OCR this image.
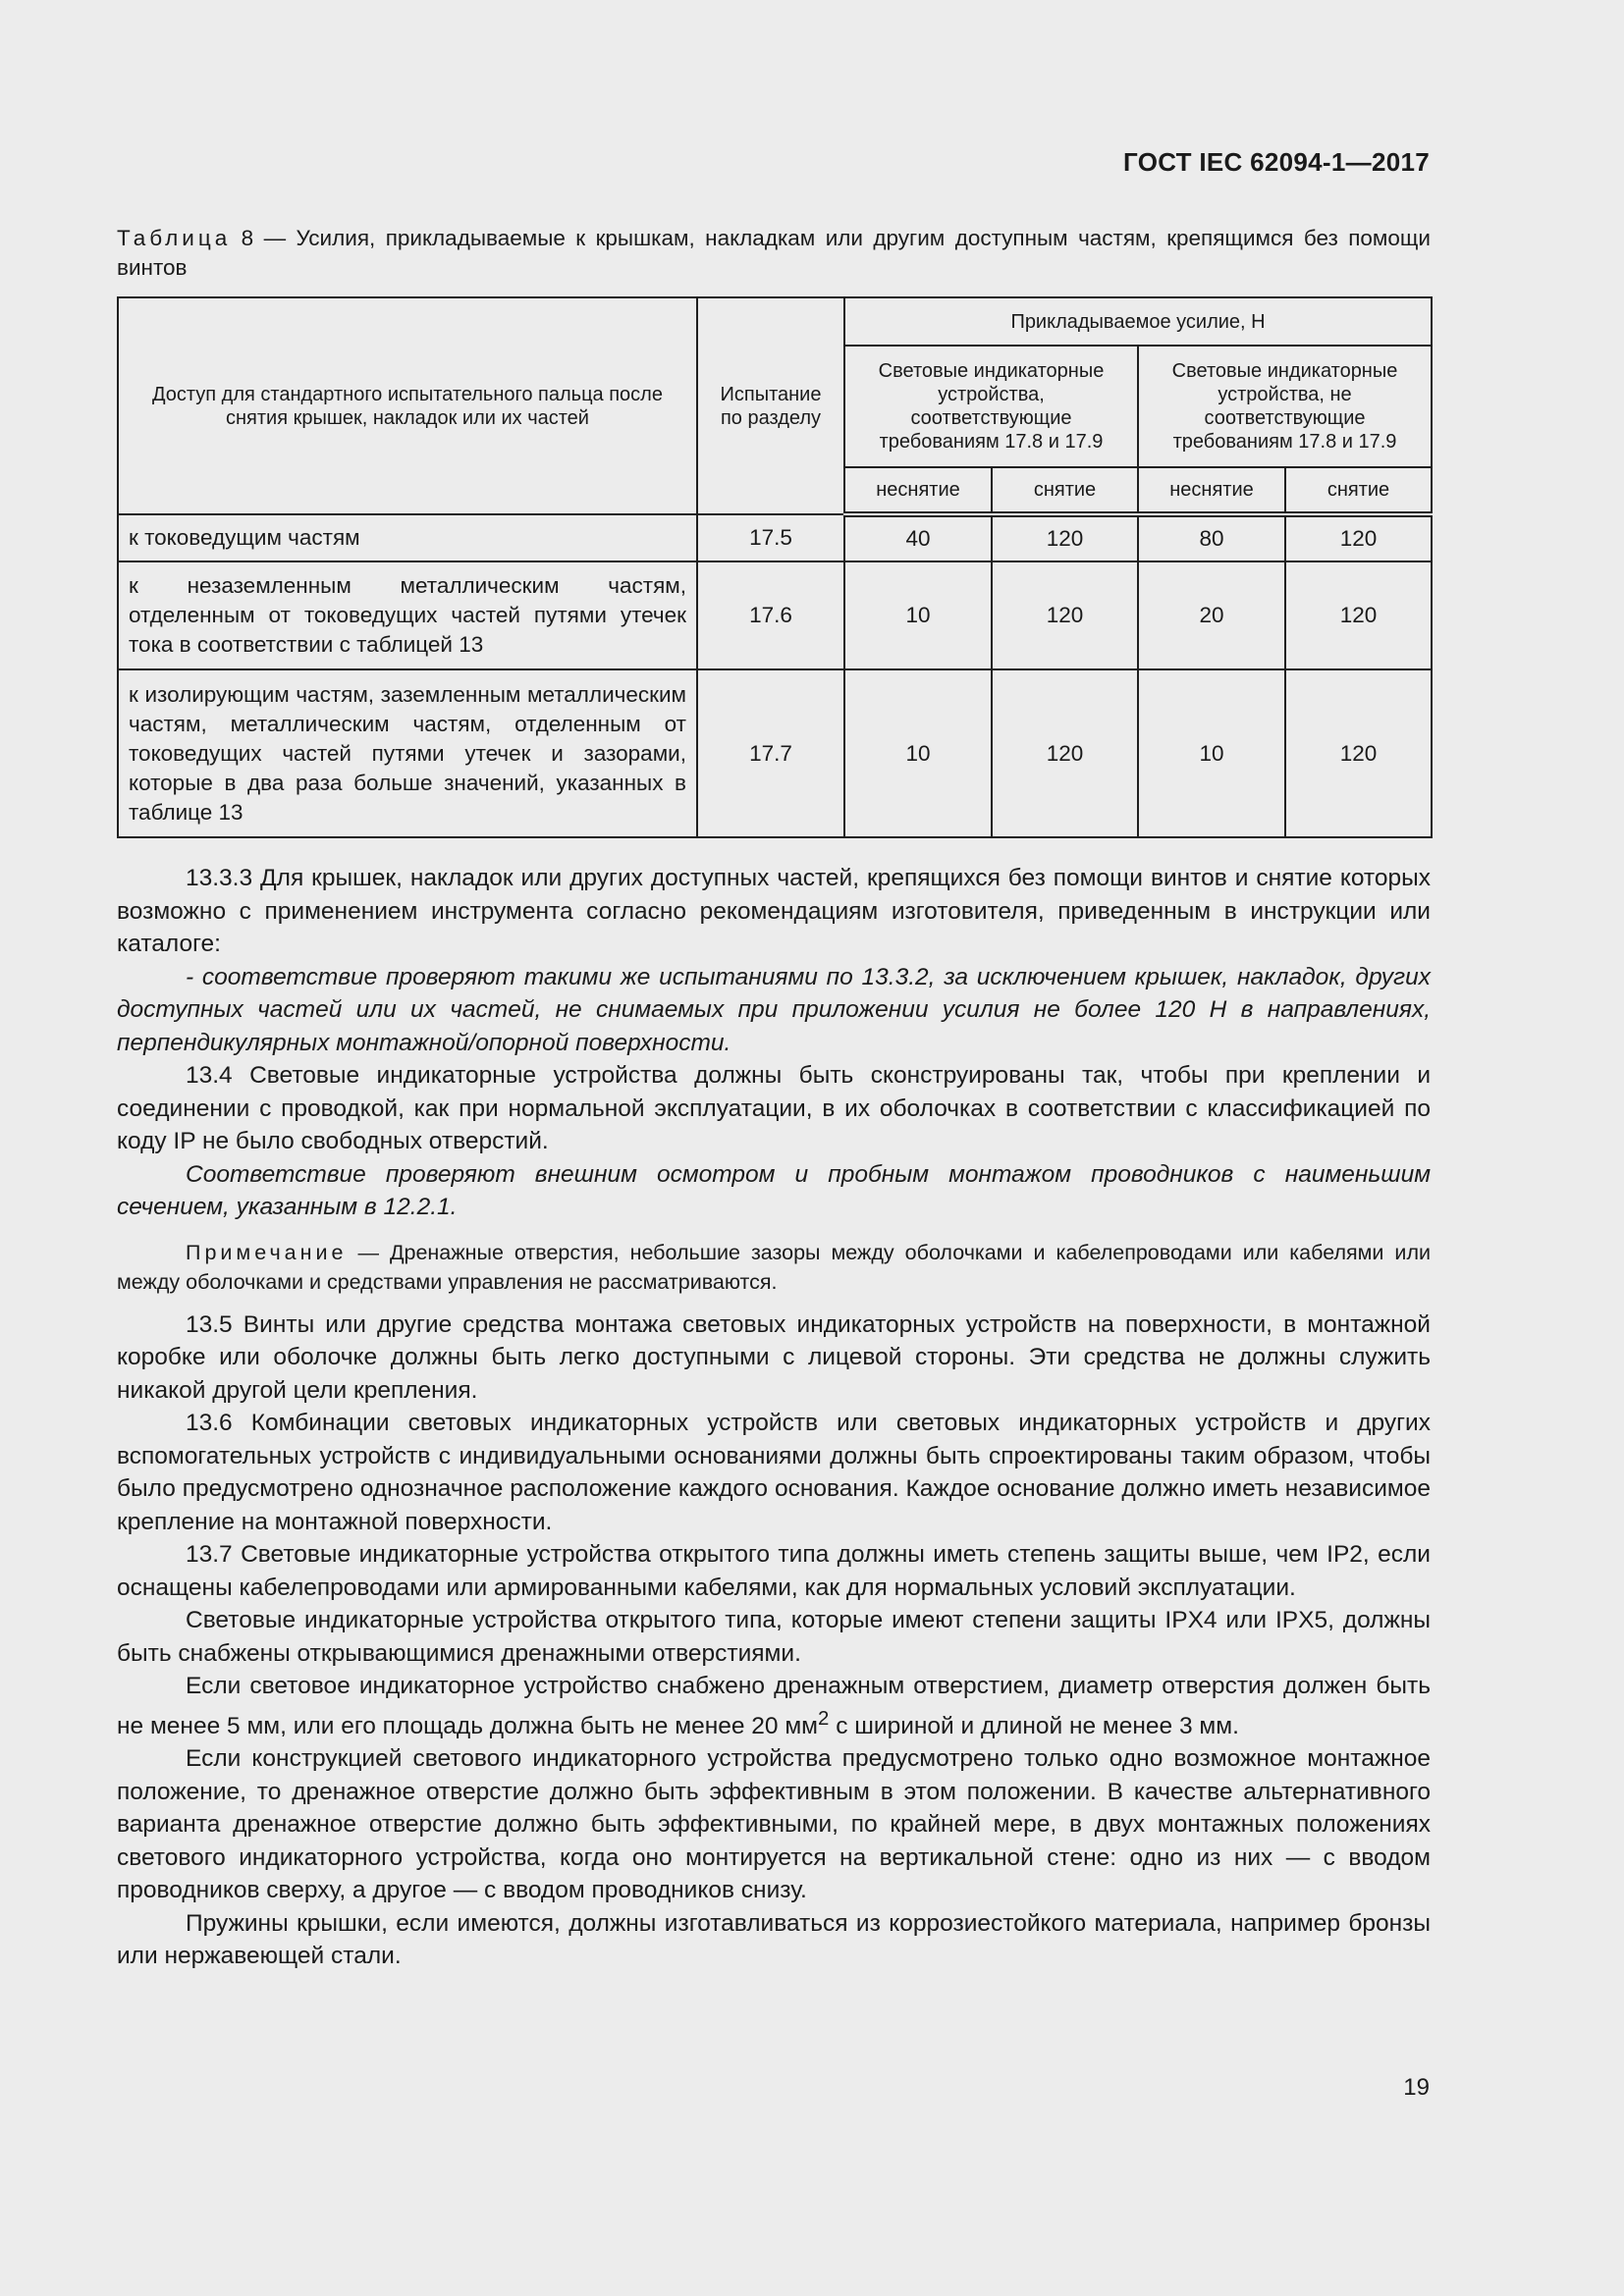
ГОСТ IEC 62094-1—2017
Таблица 8 — Усилия, прикладываемые к крышкам, накладкам или другим доступным частям, крепящимся без помощи винтов
Доступ для стандартного испытательного пальца после снятия крышек, накладок или их частей	Испытание по разделу	Прикладываемое усилие, Н			
		Световые индикаторные устройства, соответствующие требованиям 17.8 и 17.9		Световые индикаторные устройства, не соответствующие требованиям 17.8 и 17.9	
		неснятие	снятие	неснятие	снятие
к токоведущим частям	17.5	40	120	80	120
к незаземленным металлическим частям, отделенным от токоведущих частей путями утечек тока в соответствии с таблицей 13	17.6	10	120	20	120
к изолирующим частям, заземленным металлическим частям, металлическим частям, отделенным от токоведущих частей путями утечек и зазорами, которые в два раза больше значений, указанных в таблице 13	17.7	10	120	10	120

13.3.3 Для крышек, накладок или других доступных частей, крепящихся без помощи винтов и снятие которых возможно с применением инструмента согласно рекомендациям изготовителя, приведенным в инструкции или каталоге:

- соответствие проверяют такими же испытаниями по 13.3.2, за исключением крышек, накладок, других доступных частей или их частей, не снимаемых при приложении усилия не более 120 Н в направлениях, перпендикулярных монтажной/опорной поверхности.

13.4 Световые индикаторные устройства должны быть сконструированы так, чтобы при креплении и соединении с проводкой, как при нормальной эксплуатации, в их оболочках в соответствии с классификацией по коду IP не было свободных отверстий.

Соответствие проверяют внешним осмотром и пробным монтажом проводников с наименьшим сечением, указанным в 12.2.1.

Примечание — Дренажные отверстия, небольшие зазоры между оболочками и кабелепроводами или кабелями или между оболочками и средствами управления не рассматриваются.

13.5 Винты или другие средства монтажа световых индикаторных устройств на поверхности, в монтажной коробке или оболочке должны быть легко доступными с лицевой стороны. Эти средства не должны служить никакой другой цели крепления.

13.6 Комбинации световых индикаторных устройств или световых индикаторных устройств и других вспомогательных устройств с индивидуальными основаниями должны быть спроектированы таким образом, чтобы было предусмотрено однозначное расположение каждого основания. Каждое основание должно иметь независимое крепление на монтажной поверхности.

13.7 Световые индикаторные устройства открытого типа должны иметь степень защиты выше, чем IP2, если оснащены кабелепроводами или армированными кабелями, как для нормальных условий эксплуатации.

Световые индикаторные устройства открытого типа, которые имеют степени защиты IPX4 или IPX5, должны быть снабжены открывающимися дренажными отверстиями.

Если световое индикаторное устройство снабжено дренажным отверстием, диаметр отверстия должен быть не менее 5 мм, или его площадь должна быть не менее 20 $мм^2$ с шириной и длиной не менее 3 мм.

Если конструкцией светового индикаторного устройства предусмотрено только одно возможное монтажное положение, то дренажное отверстие должно быть эффективным в этом положении. В качестве альтернативного варианта дренажное отверстие должно быть эффективными, по крайней мере, в двух монтажных положениях светового индикаторного устройства, когда оно монтируется на вертикальной стене: одно из них — с вводом проводников сверху, а другое — с вводом проводников снизу.

Пружины крышки, если имеются, должны изготавливаться из коррозиестойкого материала, например бронзы или нержавеющей стали.

19
